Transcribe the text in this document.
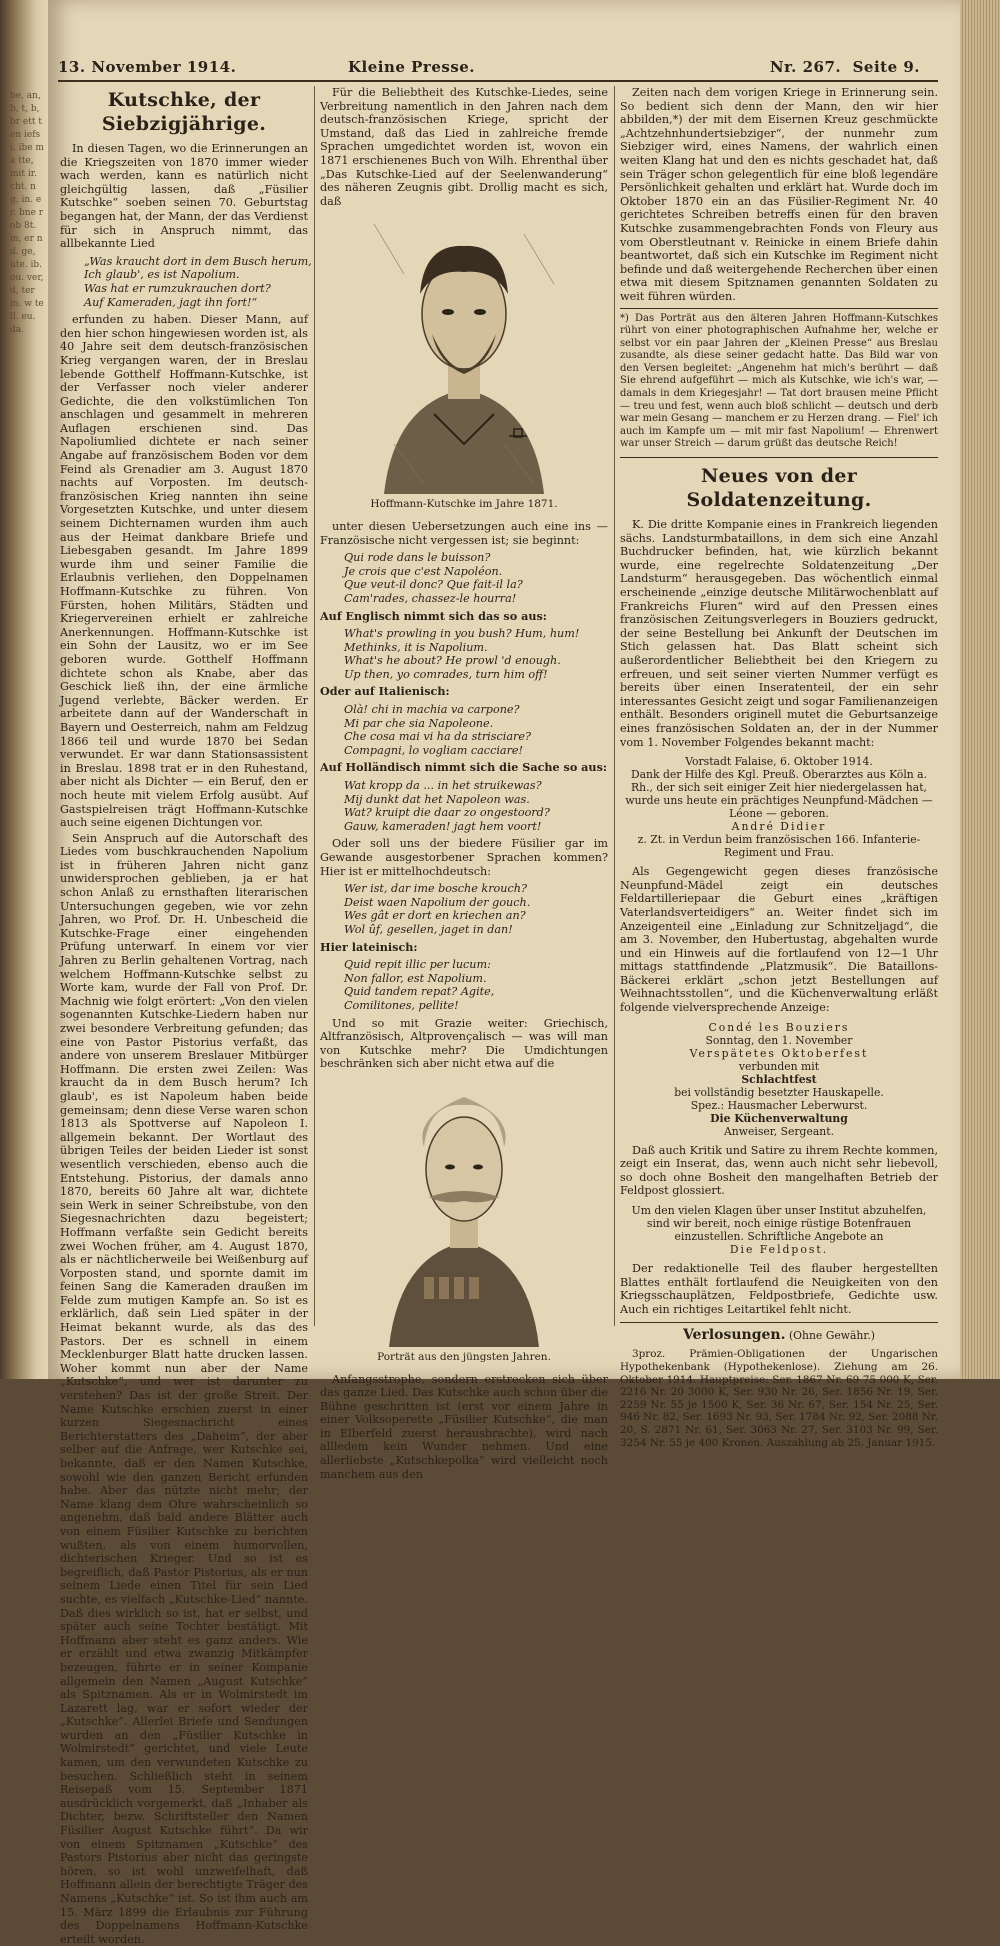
be, an, b, t, b, br ett ten iefsi. ibe ma tte, mit ir. cht. ng. in. er. bne rob 8t. m, er nd. ge, ute. ib. ou. ver, d, ter m. w tell. eu. da.
13. November 1914.	Kleine Presse.	Nr. 267. Seite 9.
Kutschke, der Siebzigjährige.

In diesen Tagen, wo die Erinnerungen an die Kriegszeiten von 1870 immer wieder wach werden, kann es natürlich nicht gleichgültig lassen, daß „Füsilier Kutschke“ soeben seinen 70. Geburtstag begangen hat, der Mann, der das Verdienst für sich in Anspruch nimmt, das allbekannte Lied

„Was kraucht dort in dem Busch herum,
Ich glaub', es ist Napolium.
Was hat er rumzukrauchen dort?
Auf Kameraden, jagt ihn fort!“

erfunden zu haben. Dieser Mann, auf den hier schon hingewiesen worden ist, als 40 Jahre seit dem deutsch-französischen Krieg vergangen waren, der in Breslau lebende Gotthelf Hoffmann-Kutschke, ist der Verfasser noch vieler anderer Gedichte, die den volkstümlichen Ton anschlagen und gesammelt in mehreren Auflagen erschienen sind. Das Napoliumlied dichtete er nach seiner Angabe auf französischem Boden vor dem Feind als Grenadier am 3. August 1870 nachts auf Vorposten. Im deutsch-französischen Krieg nannten ihn seine Vorgesetzten Kutschke, und unter diesem seinem Dichternamen wurden ihm auch aus der Heimat dankbare Briefe und Liebesgaben gesandt. Im Jahre 1899 wurde ihm und seiner Familie die Erlaubnis verliehen, den Doppelnamen Hoffmann-Kutschke zu führen. Von Fürsten, hohen Militärs, Städten und Kriegervereinen erhielt er zahlreiche Anerkennungen. Hoffmann-Kutschke ist ein Sohn der Lausitz, wo er im See geboren wurde. Gotthelf Hoffmann dichtete schon als Knabe, aber das Geschick ließ ihn, der eine ärmliche Jugend verlebte, Bäcker werden. Er arbeitete dann auf der Wanderschaft in Bayern und Oesterreich, nahm am Feldzug 1866 teil und wurde 1870 bei Sedan verwundet. Er war dann Stationsassistent in Breslau. 1898 trat er in den Ruhestand, aber nicht als Dichter — ein Beruf, den er noch heute mit vielem Erfolg ausübt. Auf Gastspielreisen trägt Hoffmann-Kutschke auch seine eigenen Dichtungen vor.

Sein Anspruch auf die Autorschaft des Liedes vom buschkrauchenden Napolium ist in früheren Jahren nicht ganz unwidersprochen geblieben, ja er hat schon Anlaß zu ernsthaften literarischen Untersuchungen gegeben, wie vor zehn Jahren, wo Prof. Dr. H. Unbescheid die Kutschke-Frage einer eingehenden Prüfung unterwarf. In einem vor vier Jahren zu Berlin gehaltenen Vortrag, nach welchem Hoffmann-Kutschke selbst zu Worte kam, wurde der Fall von Prof. Dr. Machnig wie folgt erörtert: „Von den vielen sogenannten Kutschke-Liedern haben nur zwei besondere Verbreitung gefunden; das eine von Pastor Pistorius verfaßt, das andere von unserem Breslauer Mitbürger Hoffmann. Die ersten zwei Zeilen: Was kraucht da in dem Busch herum? Ich glaub', es ist Napoleum haben beide gemeinsam; denn diese Verse waren schon 1813 als Spottverse auf Napoleon I. allgemein bekannt. Der Wortlaut des übrigen Teiles der beiden Lieder ist sonst wesentlich verschieden, ebenso auch die Entstehung. Pistorius, der damals anno 1870, bereits 60 Jahre alt war, dichtete sein Werk in seiner Schreibstube, von den Siegesnachrichten dazu begeistert; Hoffmann verfaßte sein Gedicht bereits zwei Wochen früher, am 4. August 1870, als er nächtlicherweile bei Weißenburg auf Vorposten stand, und spornte damit im feinen Sang die Kameraden draußen im Felde zum mutigen Kampfe an. So ist es erklärlich, daß sein Lied später in der Heimat bekannt wurde, als das des Pastors. Der es schnell in einem Mecklenburger Blatt hatte drucken lassen. Woher kommt nun aber der Name „Kutschke“, und wer ist darunter zu verstehen? Das ist der große Streit. Der Name Kutschke erschien zuerst in einer kurzen Siegesnachricht eines Berichterstatters des „Daheim“, der aber selber auf die Anfrage, wer Kutschke sei, bekannte, daß er den Namen Kutschke, sowohl wie den ganzen Bericht erfunden habe. Aber das nützte nicht mehr; der Name klang dem Ohre wahrscheinlich so angenehm, daß bald andere Blätter auch von einem Füsilier Kutschke zu berichten wußten, als von einem humorvollen, dichterischen Krieger. Und so ist es begreiflich, daß Pastor Pistorius, als er nun seinem Liede einen Titel für sein Lied suchte, es vielfach „Kutschke-Lied“ nannte. Daß dies wirklich so ist, hat er selbst, und später auch seine Tochter bestätigt. Mit Hoffmann aber steht es ganz anders. Wie er erzählt und etwa zwanzig Mitkämpfer bezeugen, führte er in seiner Kompanie allgemein den Namen „August Kutschke“ als Spitznamen. Als er in Wolmirstedt im Lazarett lag, war er sofort wieder der „Kutschke“. Allerlei Briefe und Sendungen wurden an den „Füsilier Kutschke in Wolmirstedt“ gerichtet, und viele Leute kamen, um den verwundeten Kutschke zu besuchen. Schließlich steht in seinem Reisepaß vom 15. September 1871 ausdrücklich vorgemerkt, daß „Inhaber als Dichter, bezw. Schriftsteller den Namen Füsilier August Kutschke führt“. Da wir von einem Spitznamen „Kutschke“ des Pastors Pistorius aber nicht das geringste hören, so ist wohl unzweifelhaft, daß Hoffmann allein der berechtigte Träger des Namens „Kutschke“ ist. So ist ihm auch am 15. März 1899 die Erlaubnis zur Führung des Doppelnamens Hoffmann-Kutschke erteilt worden.

Für die Beliebtheit des Kutschke-Liedes, seine Verbreitung namentlich in den Jahren nach dem deutsch-französischen Kriege, spricht der Umstand, daß das Lied in zahlreiche fremde Sprachen umgedichtet worden ist, wovon ein 1871 erschienenes Buch von Wilh. Ehrenthal über „Das Kutschke-Lied auf der Seelenwanderung“ des näheren Zeugnis gibt. Drollig macht es sich, daß

Hoffmann-Kutschke im Jahre 1871.

unter diesen Uebersetzungen auch eine ins — Französische nicht vergessen ist; sie beginnt:

Qui rode dans le buisson?
Je crois que c'est Napoléon.
Que veut-il donc? Que fait-il la?
Cam'rades, chassez-le hourra!
Auf Englisch nimmt sich das so aus:
What's prowling in you bush? Hum, hum!
Methinks, it is Napolium.
What's he about? He prowl 'd enough.
Up then, yo comrades, turn him off!
Oder auf Italienisch:
Olà! chi in machia va carpone?
Mi par che sia Napoleone.
Che cosa mai vi ha da strisciare?
Compagni, lo vogliam cacciare!
Auf Holländisch nimmt sich die Sache so aus:
Wat kropp da ... in het struikewas?
Mij dunkt dat het Napoleon was.
Wat? kruipt die daar zo ongestoord?
Gauw, kameraden! jagt hem voort!

Oder soll uns der biedere Füsilier gar im Gewande ausgestorbener Sprachen kommen? Hier ist er mittelhochdeutsch:

Wer ist, dar ime bosche krouch?
Deist waen Napolium der gouch.
Wes gât er dort en kriechen an?
Wol ûf, gesellen, jaget in dan!
Hier lateinisch:
Quid repit illic per lucum:
Non fallor, est Napolium.
Quid tandem repat? Agite,
Comilitones, pellite!

Und so mit Grazie weiter: Griechisch, Altfranzösisch, Altprovençalisch — was will man von Kutschke mehr? Die Umdichtungen beschränken sich aber nicht etwa auf die

Porträt aus den jüngsten Jahren.

Anfangsstrophe, sondern erstrecken sich über das ganze Lied. Das Kutschke auch schon über die Bühne geschritten ist (erst vor einem Jahre in einer Volksoperette „Füsilier Kutschke“, die man in Elberfeld zuerst herausbrachte), wird nach allledem kein Wunder nehmen. Und eine allerliebste „Kutschkepolka“ wird vielleicht noch manchem aus den

Zeiten nach dem vorigen Kriege in Erinnerung sein. So bedient sich denn der Mann, den wir hier abbilden,*) der mit dem Eisernen Kreuz geschmückte „Achtzehnhundertsiebziger“, der nunmehr zum Siebziger wird, eines Namens, der wahrlich einen weiten Klang hat und den es nichts geschadet hat, daß sein Träger schon gelegentlich für eine bloß legendäre Persönlichkeit gehalten und erklärt hat. Wurde doch im Oktober 1870 ein an das Füsilier-Regiment Nr. 40 gerichtetes Schreiben betreffs einen für den braven Kutschke zusammengebrachten Fonds von Fleury aus vom Oberstleutnant v. Reinicke in einem Briefe dahin beantwortet, daß sich ein Kutschke im Regiment nicht befinde und daß weitergehende Recherchen über einen etwa mit diesem Spitznamen genannten Soldaten zu weit führen würden.

*) Das Porträt aus den älteren Jahren Hoffmann-Kutschkes rührt von einer photographischen Aufnahme her, welche er selbst vor ein paar Jahren der „Kleinen Presse“ aus Breslau zusandte, als diese seiner gedacht hatte. Das Bild war von den Versen begleitet: „Angenehm hat mich's berührt — daß Sie ehrend aufgeführt — mich als Kutschke, wie ich's war, — damals in dem Kriegesjahr! — Tat dort brausen meine Pflicht — treu und fest, wenn auch bloß schlicht — deutsch und derb war mein Gesang — manchem er zu Herzen drang. — Fiel' ich auch im Kampfe um — mit mir fast Napolium! — Ehrenwert war unser Streich — darum grüßt das deutsche Reich!
Neues von der Soldatenzeitung.

K. Die dritte Kompanie eines in Frankreich liegenden sächs. Landsturmbataillons, in dem sich eine Anzahl Buchdrucker befinden, hat, wie kürzlich bekannt wurde, eine regelrechte Soldatenzeitung „Der Landsturm“ herausgegeben. Das wöchentlich einmal erscheinende „einzige deutsche Militärwochenblatt auf Frankreichs Fluren“ wird auf den Pressen eines französischen Zeitungsverlegers in Bouziers gedruckt, der seine Bestellung bei Ankunft der Deutschen im Stich gelassen hat. Das Blatt scheint sich außerordentlicher Beliebtheit bei den Kriegern zu erfreuen, und seit seiner vierten Nummer verfügt es bereits über einen Inseratenteil, der ein sehr interessantes Gesicht zeigt und sogar Familienanzeigen enthält. Besonders originell mutet die Geburtsanzeige eines französischen Soldaten an, der in der Nummer vom 1. November Folgendes bekannt macht:

Vorstadt Falaise, 6. Oktober 1914.
Dank der Hilfe des Kgl. Preuß. Oberarztes aus Köln a. Rh., der sich seit einiger Zeit hier niedergelassen hat, wurde uns heute ein prächtiges Neunpfund-Mädchen — Léone — geboren.
André Didier
z. Zt. in Verdun beim französischen 166. Infanterie-Regiment und Frau.

Als Gegengewicht gegen dieses französische Neunpfund-Mädel zeigt ein deutsches Feldartilleriepaar die Geburt eines „kräftigen Vaterlandsverteidigers“ an. Weiter findet sich im Anzeigenteil eine „Einladung zur Schnitzeljagd“, die am 3. November, den Hubertustag, abgehalten wurde und ein Hinweis auf die fortlaufend von 12—1 Uhr mittags stattfindende „Platzmusik“. Die Bataillons-Bäckerei erklärt „schon jetzt Bestellungen auf Weihnachtsstollen“, und die Küchenverwaltung erläßt folgende vielversprechende Anzeige:

Condé les Bouziers
Sonntag, den 1. November
Verspätetes Oktoberfest
verbunden mit
Schlachtfest
bei vollständig besetzter Hauskapelle.
Spez.: Hausmacher Leberwurst.
Die Küchenverwaltung
Anweiser, Sergeant.

Daß auch Kritik und Satire zu ihrem Rechte kommen, zeigt ein Inserat, das, wenn auch nicht sehr liebevoll, so doch ohne Bosheit den mangelhaften Betrieb der Feldpost glossiert.

Um den vielen Klagen über unser Institut abzuhelfen, sind wir bereit, noch einige rüstige Botenfrauen einzustellen. Schriftliche Angebote an
Die Feldpost.

Der redaktionelle Teil des flauber hergestellten Blattes enthält fortlaufend die Neuigkeiten von den Kriegsschauplätzen, Feldpostbriefe, Gedichte usw. Auch ein richtiges Leitartikel fehlt nicht.

Verlosungen. (Ohne Gewähr.)

3proz. Prämien-Obligationen der Ungarischen Hypothekenbank (Hypothekenlose). Ziehung am 26. Oktober 1914. Hauptpreise: Ser. 1867 Nr. 69 75 000 K, Ser. 2216 Nr. 20 3000 K, Ser. 930 Nr. 26, Ser. 1856 Nr. 19, Ser. 2259 Nr. 55 je 1500 K, Ser. 36 Nr. 67, Ser. 154 Nr. 25, Ser. 946 Nr. 82, Ser. 1693 Nr. 93, Ser. 1784 Nr. 92, Ser. 2088 Nr. 20, S. 2871 Nr. 61, Ser. 3063 Nr. 27, Ser. 3103 Nr. 99, Ser. 3254 Nr. 55 je 400 Kronen. Auszahlung ab 25. Januar 1915.
